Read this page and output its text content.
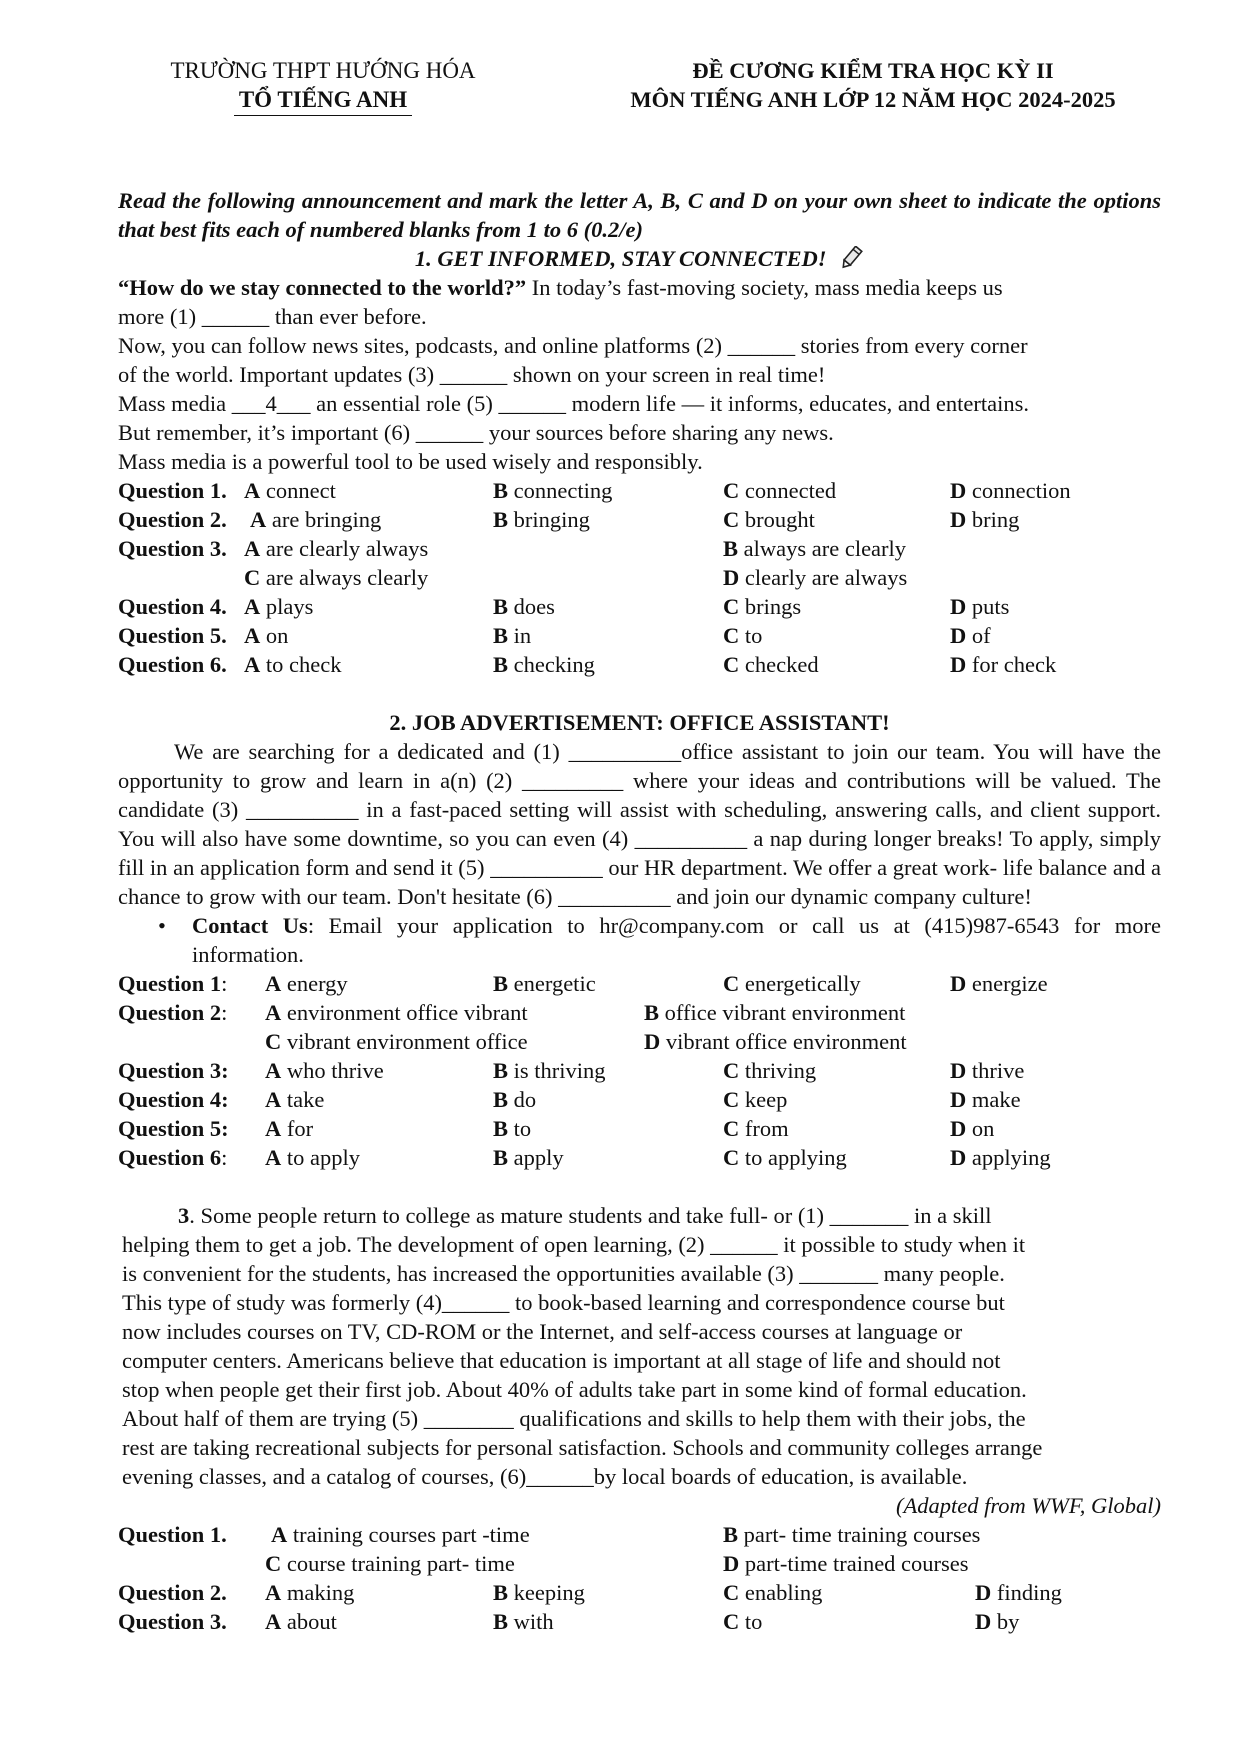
TRƯỜNG THPT HƯỚNG HÓA
TỔ TIẾNG ANH
ĐỀ CƯƠNG KIỂM TRA HỌC KỲ II
MÔN TIẾNG ANH LỚP 12 NĂM HỌC 2024-2025

Read the following announcement and mark the letter A, B, C and D on your own sheet to indicate the options that best fits each of numbered blanks from 1 to 6 (0.2/e)

1. GET INFORMED, STAY CONNECTED!

“How do we stay connected to the world?” In today’s fast-moving society, mass media keeps us

more (1) ______ than ever before.

Now, you can follow news sites, podcasts, and online platforms (2) ______ stories from every corner

of the world. Important updates (3) ______ shown on your screen in real time!

Mass media ___4___ an essential role (5) ______ modern life — it informs, educates, and entertains.

But remember, it’s important (6) ______ your sources before sharing any news.

Mass media is a powerful tool to be used wisely and responsibly.

Question 1. A connect	B connecting	C connected	D connection
Question 2. A are bringing	B bringing	C brought	D bring
Question 3. A are clearly always	B always are clearly
C are always clearly	D clearly are always
Question 4. A plays	B does	C brings	D puts
Question 5. A on	B in	C to	D of
Question 6. A to check	B checking	C checked	D for check
2. JOB ADVERTISEMENT: OFFICE ASSISTANT!

We are searching for a dedicated and (1) __________office assistant to join our team. You will have the opportunity to grow and learn in a(n) (2) _________ where your ideas and contributions will be valued. The candidate (3) __________ in a fast-paced setting will assist with scheduling, answering calls, and client support. You will also have some downtime, so you can even (4) __________ a nap during longer breaks! To apply, simply fill in an application form and send it (5) __________ our HR department. We offer a great work- life balance and a chance to grow with our team. Don't hesitate (6) __________ and join our dynamic company culture!

• Contact Us: Email your application to hr@company.com or call us at (415)987-6543 for more information.
Question 1: A energy	B energetic	C energetically	D energize
Question 2: A environment office vibrant	B office vibrant environment
C vibrant environment office	D vibrant office environment
Question 3: A who thrive	B is thriving	C thriving	D thrive
Question 4: A take	B do	C keep	D make
Question 5: A for	B to	C from	D on
Question 6: A to apply	B apply	C to applying	D applying

3. Some people return to college as mature students and take full- or (1) _______ in a skill

helping them to get a job. The development of open learning, (2) ______ it possible to study when it

is convenient for the students, has increased the opportunities available (3) _______ many people.

This type of study was formerly (4)______ to book-based learning and correspondence course but

now includes courses on TV, CD-ROM or the Internet, and self-access courses at language or

computer centers. Americans believe that education is important at all stage of life and should not

stop when people get their first job. About 40% of adults take part in some kind of formal education.

About half of them are trying (5) ________ qualifications and skills to help them with their jobs, the

rest are taking recreational subjects for personal satisfaction. Schools and community colleges arrange

evening classes, and a catalog of courses, (6)______by local boards of education, is available.

(Adapted from WWF, Global)

Question 1. A training courses part -time	B part- time training courses
C course training part- time	D part-time trained courses
Question 2. A making	B keeping	C enabling	D finding
Question 3. A about	B with	C to	D by
